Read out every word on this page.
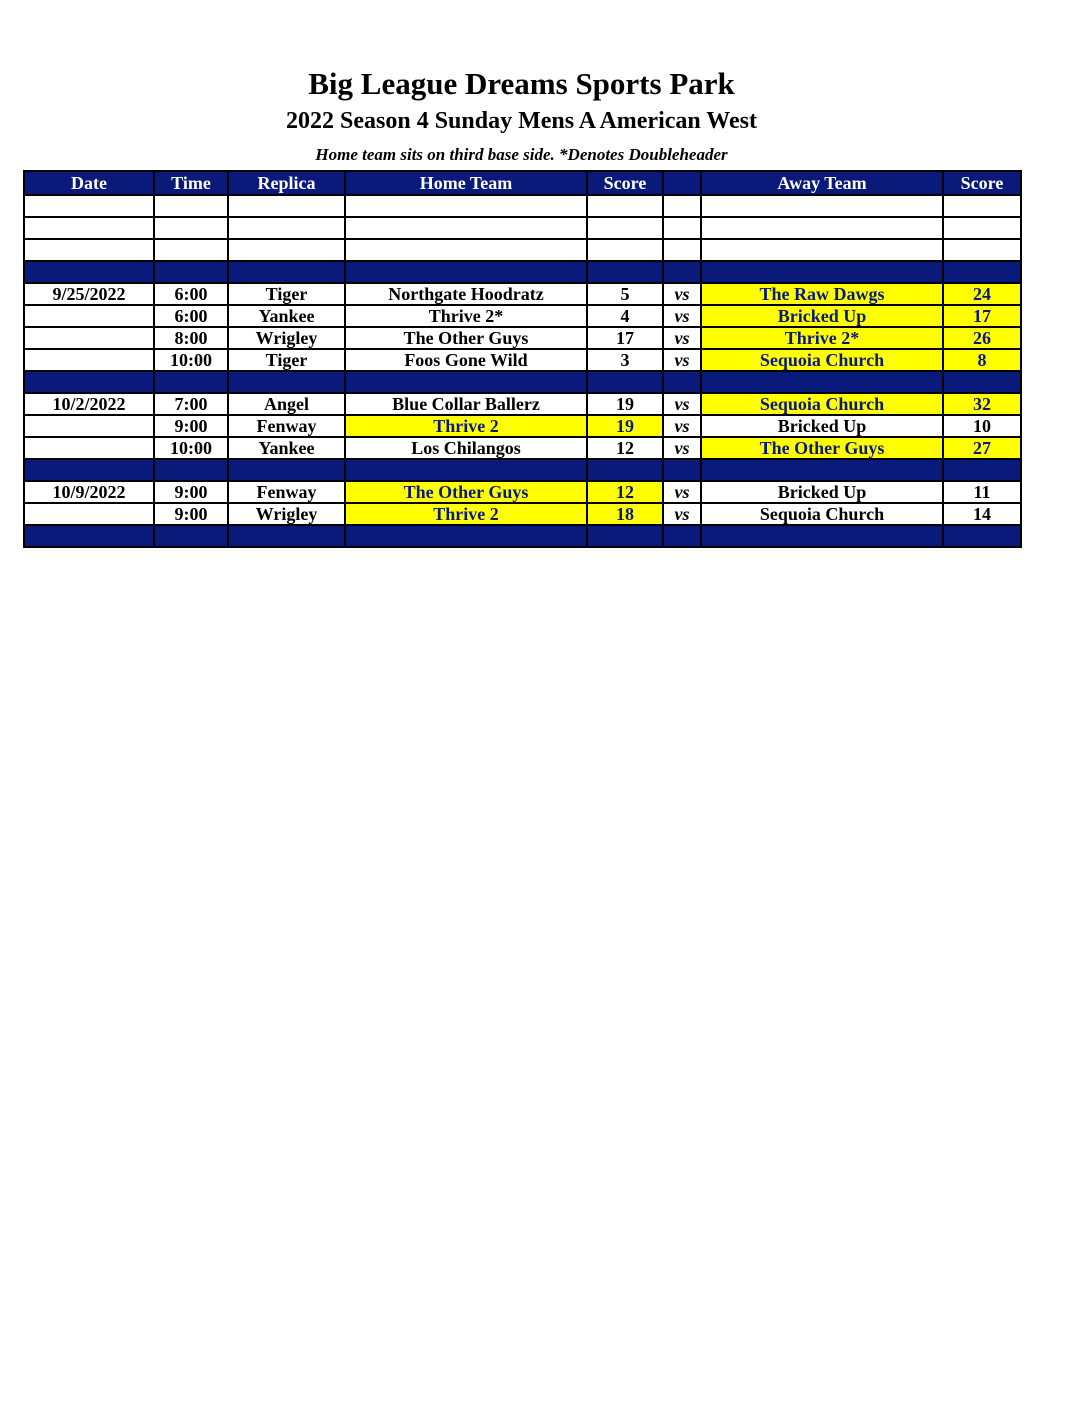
Big League Dreams Sports Park
2022 Season 4 Sunday Mens A American West
Home team sits on third base side. *Denotes Doubleheader
Date	Time	Replica	Home Team	Score		Away Team	Score

9/25/2022	6:00	Tiger	Northgate Hoodratz	5	vs	The Raw Dawgs	24
	6:00	Yankee	Thrive 2*	4	vs	Bricked Up	17
	8:00	Wrigley	The Other Guys	17	vs	Thrive 2*	26
	10:00	Tiger	Foos Gone Wild	3	vs	Sequoia Church	8

10/2/2022	7:00	Angel	Blue Collar Ballerz	19	vs	Sequoia Church	32
	9:00	Fenway	Thrive 2	19	vs	Bricked Up	10
	10:00	Yankee	Los Chilangos	12	vs	The Other Guys	27

10/9/2022	9:00	Fenway	The Other Guys	12	vs	Bricked Up	11
	9:00	Wrigley	Thrive 2	18	vs	Sequoia Church	14
